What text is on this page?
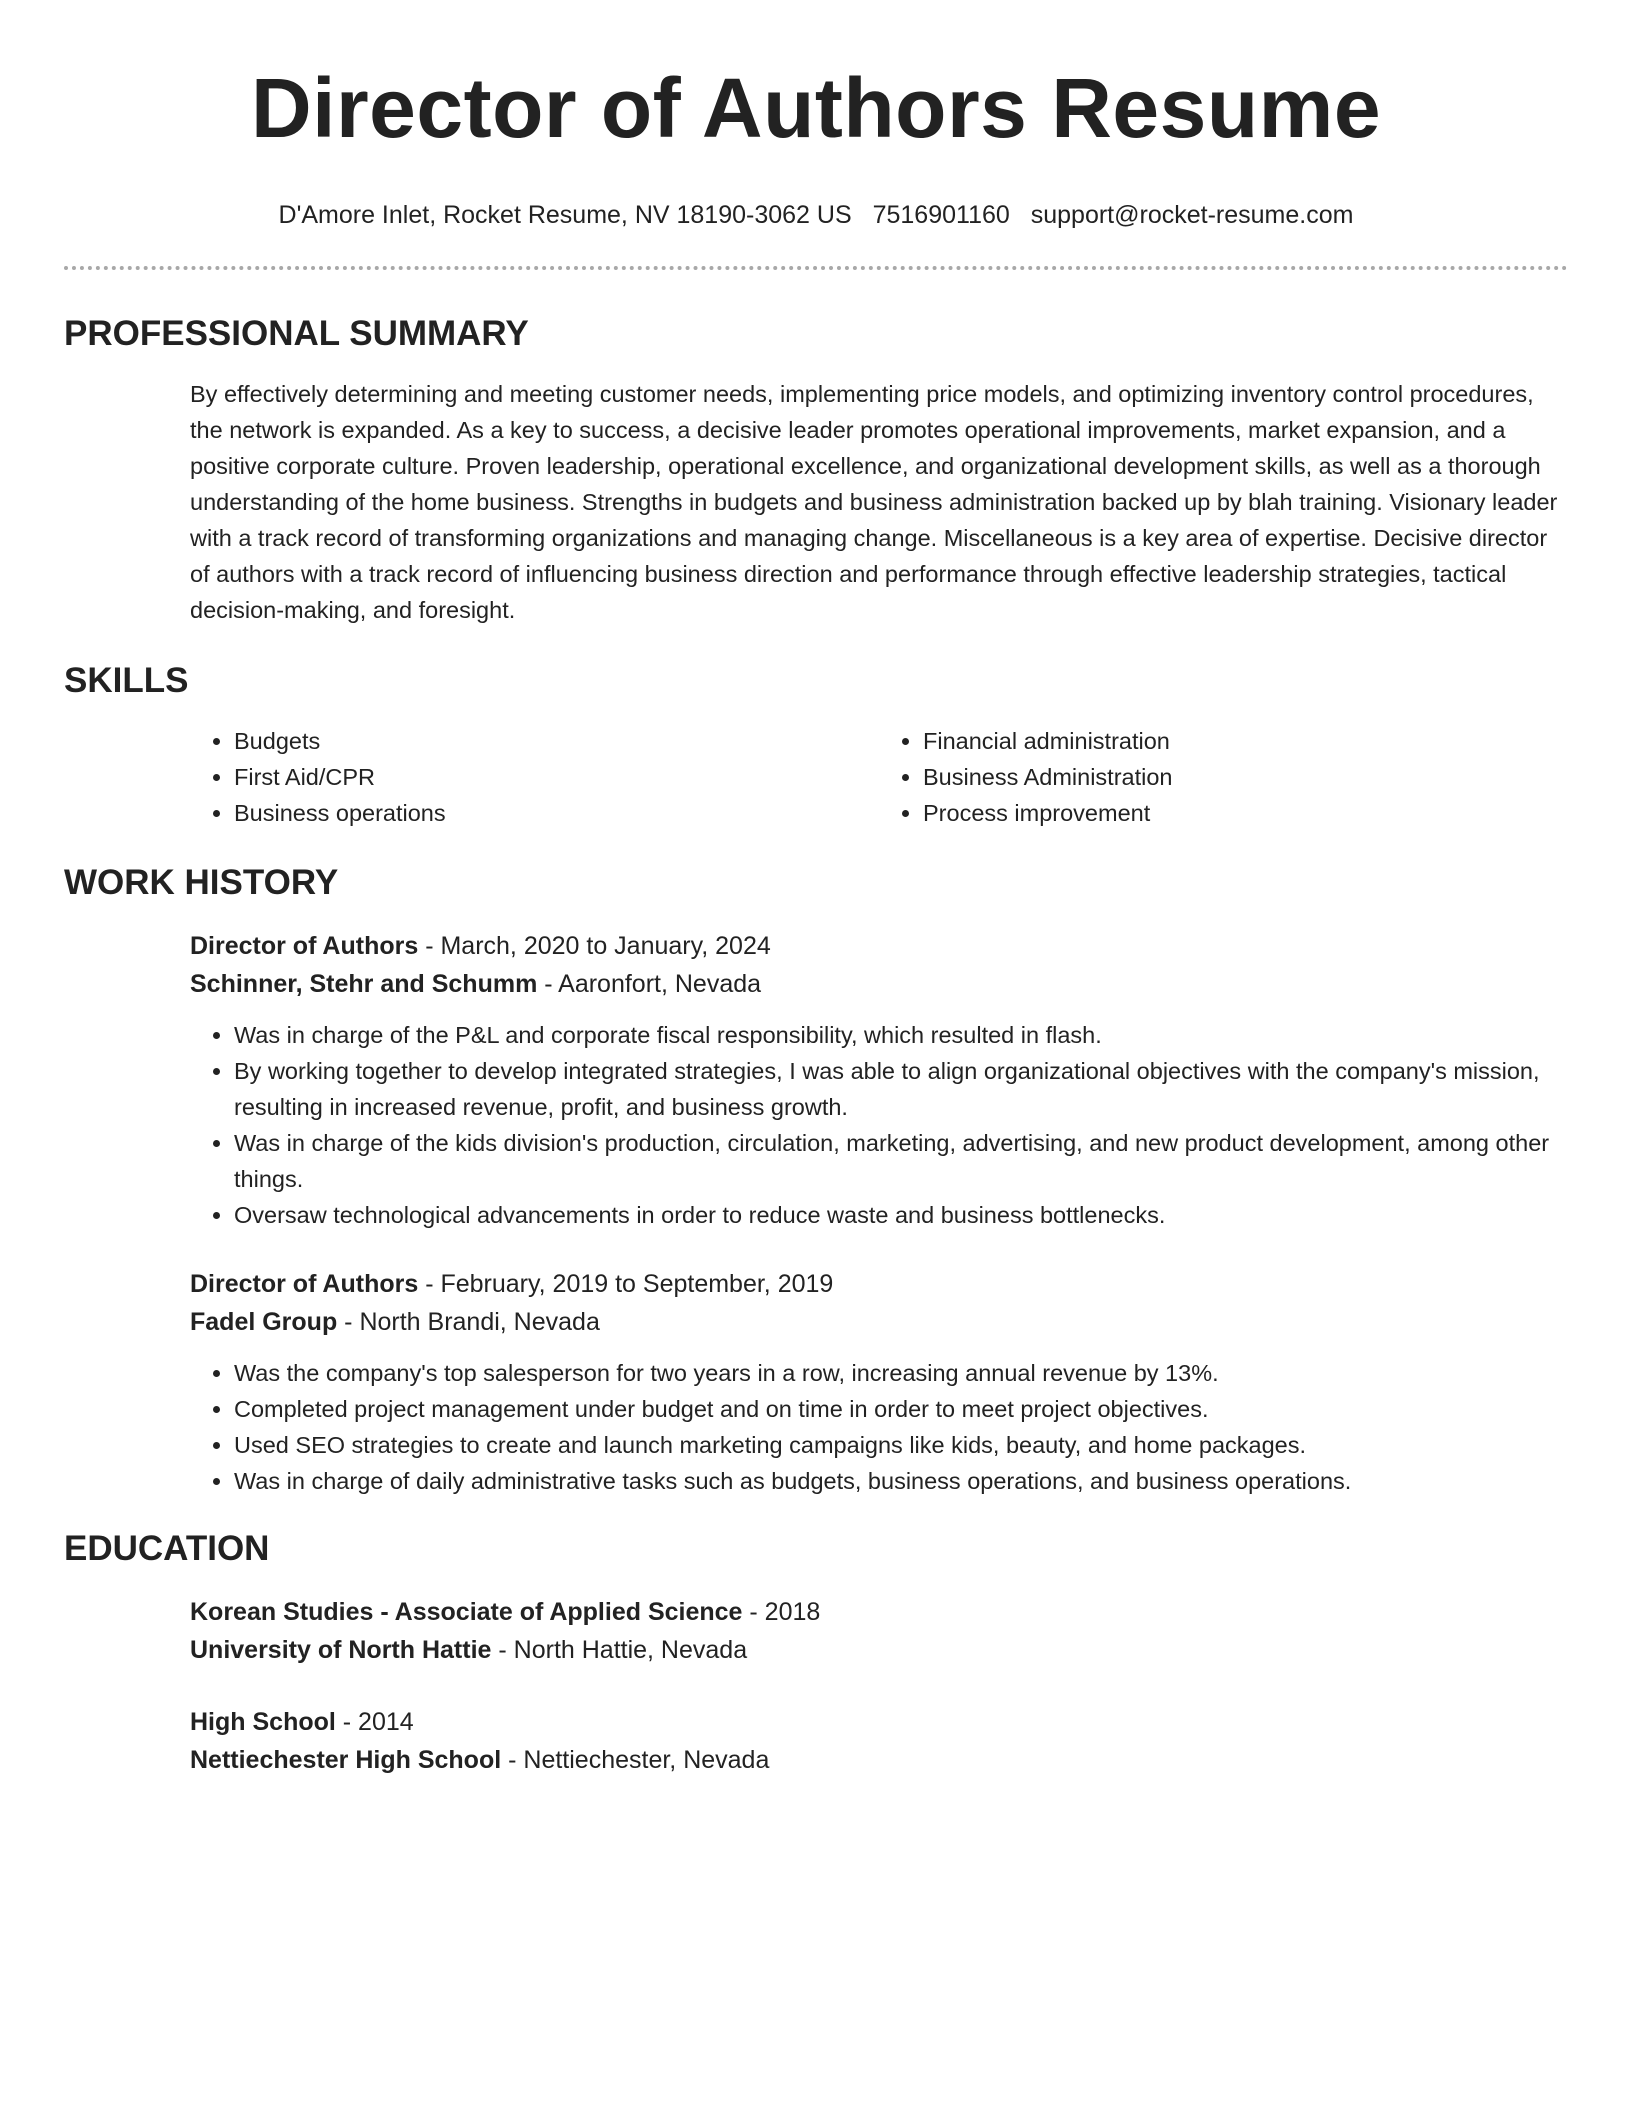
Director of Authors Resume
D'Amore Inlet, Rocket Resume, NV 18190-3062 US 7516901160 support@rocket-resume.com
PROFESSIONAL SUMMARY

By effectively determining and meeting customer needs, implementing price models, and optimizing inventory control procedures, the network is expanded. As a key to success, a decisive leader promotes operational improvements, market expansion, and a positive corporate culture. Proven leadership, operational excellence, and organizational development skills, as well as a thorough understanding of the home business. Strengths in budgets and business administration backed up by blah training. Visionary leader with a track record of transforming organizations and managing change. Miscellaneous is a key area of expertise. Decisive director of authors with a track record of influencing business direction and performance through effective leadership strategies, tactical decision-making, and foresight.

SKILLS
• Budgets
• First Aid/CPR
• Business operations
• Financial administration
• Business Administration
• Process improvement
WORK HISTORY
Director of Authors - March, 2020 to January, 2024
Schinner, Stehr and Schumm - Aaronfort, Nevada
• Was in charge of the P&L and corporate fiscal responsibility, which resulted in flash.
• By working together to develop integrated strategies, I was able to align organizational objectives with the company's mission, resulting in increased revenue, profit, and business growth.
• Was in charge of the kids division's production, circulation, marketing, advertising, and new product development, among other things.
• Oversaw technological advancements in order to reduce waste and business bottlenecks.
Director of Authors - February, 2019 to September, 2019
Fadel Group - North Brandi, Nevada
• Was the company's top salesperson for two years in a row, increasing annual revenue by 13%.
• Completed project management under budget and on time in order to meet project objectives.
• Used SEO strategies to create and launch marketing campaigns like kids, beauty, and home packages.
• Was in charge of daily administrative tasks such as budgets, business operations, and business operations.
EDUCATION
Korean Studies - Associate of Applied Science - 2018
University of North Hattie - North Hattie, Nevada
High School - 2014
Nettiechester High School - Nettiechester, Nevada
